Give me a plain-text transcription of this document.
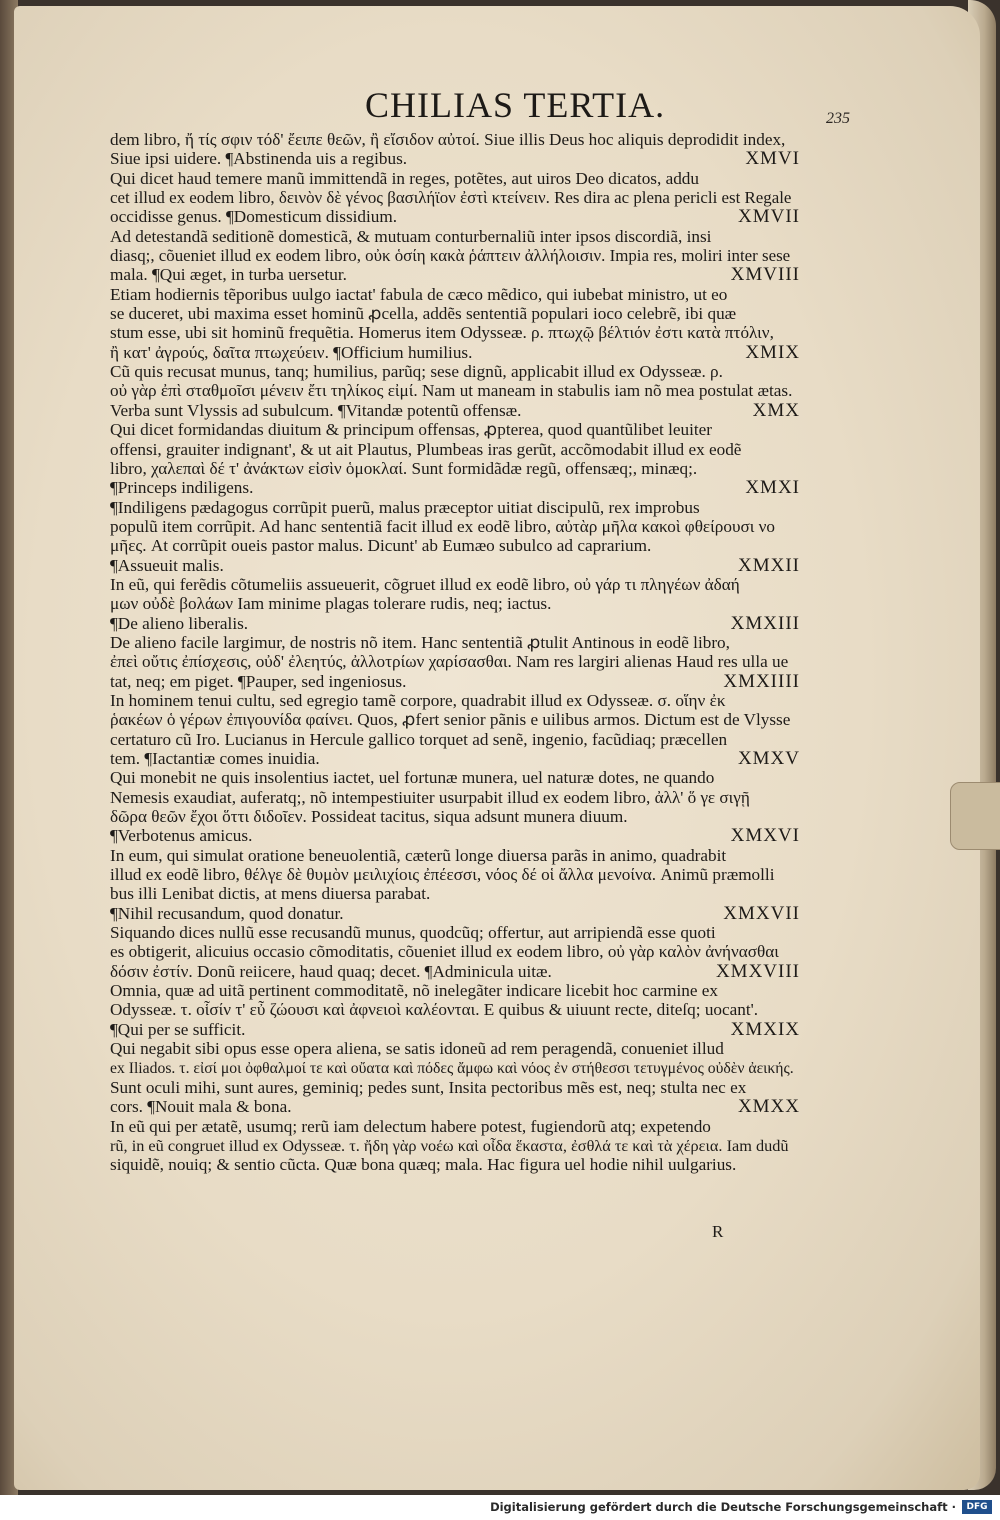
CHILIAS TERTIA.	235
dem libro, ἤ τίς σφιν τόδ' ἔειπε θεῶν, ἢ εἴσιδον αὐτοί. Siue illis Deus hoc aliquis deprodidit index,
Siue ipsi uidere. ¶Abstinenda uis a regibus.	XMVI
Qui dicet haud temere manũ immittendã in reges, potẽtes, aut uiros Deo dicatos, addu
cet illud ex eodem libro, δεινὸν δὲ γένος βασιλήϊον ἐστὶ κτείνειν. Res dira ac plena pericli est Regale
occidisse genus. ¶Domesticum dissidium.	XMVII
Ad detestandã seditionẽ domesticã, & mutuam conturbernaliũ inter ipsos discordiã, insi
diasq;, cõueniet illud ex eodem libro, οὐκ ὁσίη κακὰ ῥάπτειν ἀλλήλοισιν. Impia res, moliri inter sese
mala. ¶Qui æget, in turba uersetur.	XMVIII
Etiam hodiernis tẽporibus uulgo iactat' fabula de cæco mẽdico, qui iubebat ministro, ut eo
se duceret, ubi maxima esset hominũ ꝓcella, addẽs sententiã populari ioco celebrẽ, ibi quæ
stum esse, ubi sit hominũ frequẽtia. Homerus item Odysseæ. ρ. πτωχῷ βέλτιόν ἐστι κατὰ πτόλιν,
ἢ κατ' ἀγρούς, δαῖτα πτωχεύειν. ¶Officium humilius.	XMIX
Cũ quis recusat munus, tanq; humilius, parũq; sese dignũ, applicabit illud ex Odysseæ. ρ.
οὐ γὰρ ἐπὶ σταθμοῖσι μένειν ἔτι τηλίκος εἰμί. Nam ut maneam in stabulis iam nõ mea postulat ætas.
Verba sunt Vlyssis ad subulcum. ¶Vitandæ potentũ offensæ.	XMX
Qui dicet formidandas diuitum & principum offensas, ꝓpterea, quod quantũlibet leuiter
offensi, grauiter indignant', & ut ait Plautus, Plumbeas iras gerũt, accõmodabit illud ex eodẽ
libro, χαλεπαὶ δέ τ' ἀνάκτων εἰσὶν ὁμοκλαί. Sunt formidãdæ regũ, offensæq;, minæq;.
¶Princeps indiligens.	XMXI
¶Indiligens pædagogus corrũpit puerũ, malus præceptor uitiat discipulũ, rex improbus
populũ item corrũpit. Ad hanc sententiã facit illud ex eodẽ libro, αὐτὰρ μῆλα κακοὶ φθείρουσι νο
μῆες. At corrũpit oueis pastor malus. Dicunt' ab Eumæo subulco ad caprarium.
¶Assueuit malis.	XMXII
In eũ, qui ferẽdis cõtumeliis assueuerit, cõgruet illud ex eodẽ libro, οὐ γάρ τι πληγέων ἀδαή
μων οὐδὲ βολάων Iam minime plagas tolerare rudis, neq; iactus.
¶De alieno liberalis.	XMXIII
De alieno facile largimur, de nostris nõ item. Hanc sententiã ꝓtulit Antinous in eodẽ libro,
ἐπεὶ οὔτις ἐπίσχεσις, οὐδ' ἐλεητύς, ἀλλοτρίων χαρίσασθαι. Nam res largiri alienas Haud res ulla ue
tat, neq; em piget. ¶Pauper, sed ingeniosus.	XMXIIII
In hominem tenui cultu, sed egregio tamẽ corpore, quadrabit illud ex Odysseæ. σ. οἵην ἐκ
ῥακέων ὁ γέρων ἐπιγουνίδα φαίνει. Quos, ꝓfert senior pãnis e uilibus armos. Dictum est de Vlysse
certaturo cũ Iro. Lucianus in Hercule gallico torquet ad senẽ, ingenio, facũdiaq; præcellen
tem. ¶Iactantiæ comes inuidia.	XMXV
Qui monebit ne quis insolentius iactet, uel fortunæ munera, uel naturæ dotes, ne quando
Nemesis exaudiat, auferatq;, nõ intempestiuiter usurpabit illud ex eodem libro, ἀλλ' ὅ γε σιγῇ
δῶρα θεῶν ἔχοι ὅττι διδοῖεν. Possideat tacitus, siqua adsunt munera diuum.
¶Verbotenus amicus.	XMXVI
In eum, qui simulat oratione beneuolentiã, cæterũ longe diuersa parãs in animo, quadrabit
illud ex eodẽ libro, θέλγε δὲ θυμὸν μειλιχίοις ἐπέεσσι, νόος δέ οἱ ἄλλα μενοίνα. Animũ præmolli
bus illi Lenibat dictis, at mens diuersa parabat.
¶Nihil recusandum, quod donatur.	XMXVII
Siquando dices nullũ esse recusandũ munus, quodcũq; offertur, aut arripiendã esse quoti
es obtigerit, alicuius occasio cõmoditatis, cõueniet illud ex eodem libro, οὐ γὰρ καλὸν ἀνήνασθαι
δόσιν ἐστίν. Donũ reiicere, haud quaq; decet. ¶Adminicula uitæ.	XMXVIII
Omnia, quæ ad uitã pertinent commoditatẽ, nõ inelegãter indicare licebit hoc carmine ex
Odysseæ. τ. οἷσίν τ' εὖ ζώουσι καὶ ἀφνειοὶ καλέονται. E quibus & uiuunt recte, diteſq; uocant'.
¶Qui per se sufficit.	XMXIX
Qui negabit sibi opus esse opera aliena, se satis idoneũ ad rem peragendã, conueniet illud
ex Iliados. τ. εἰσί μοι ὀφθαλμοί τε καὶ οὔατα καὶ πόδες ἄμφω καὶ νόος ἐν στήθεσσι τετυγμένος οὐδὲν ἀεικής.
Sunt oculi mihi, sunt aures, geminiq; pedes sunt, Insita pectoribus mẽs est, neq; stulta nec ex
cors. ¶Nouit mala & bona.	XMXX
In eũ qui per ætatẽ, usumq; rerũ iam delectum habere potest, fugiendorũ atq; expetendo
rũ, in eũ congruet illud ex Odysseæ. τ. ἤδη γὰρ νοέω καὶ οἶδα ἕκαστα, ἐσθλά τε καὶ τὰ χέρεια. Iam dudũ
siquidẽ, nouiq; & sentio cũcta. Quæ bona quæq; mala. Hac figura uel hodie nihil uulgarius.
R
Digitalisierung gefördert durch die Deutsche Forschungsgemeinschaft ·	DFG
